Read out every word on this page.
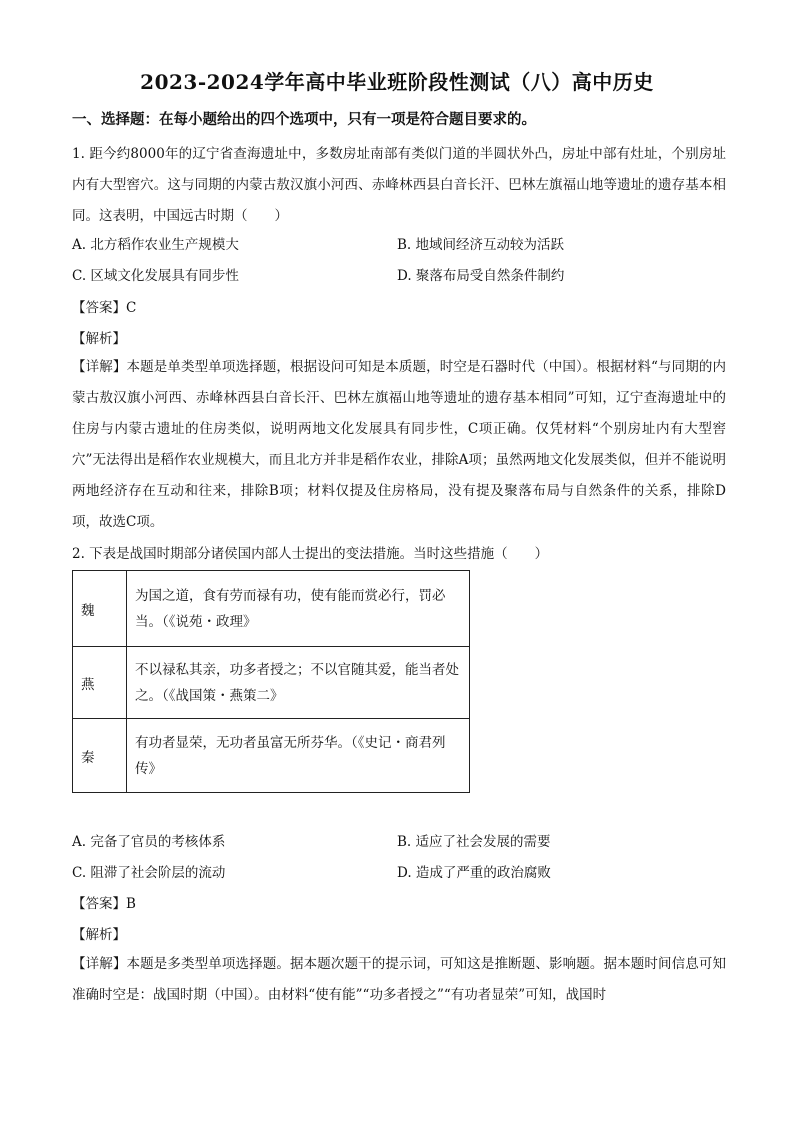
2023-2024学年高中毕业班阶段性测试（八）高中历史
一、选择题：在每小题给出的四个选项中，只有一项是符合题目要求的。

1. 距今约8000年的辽宁省查海遗址中，多数房址南部有类似门道的半圆状外凸，房址中部有灶址，个别房址内有大型窖穴。这与同期的内蒙古敖汉旗小河西、赤峰林西县白音长汗、巴林左旗福山地等遗址的遗存基本相同。这表明，中国远古时期（　　）

A. 北方稻作农业生产规模大	B. 地域间经济互动较为活跃
C. 区域文化发展具有同步性	D. 聚落布局受自然条件制约
【答案】C
【解析】

【详解】本题是单类型单项选择题，根据设问可知是本质题，时空是石器时代（中国）。根据材料“与同期的内蒙古敖汉旗小河西、赤峰林西县白音长汗、巴林左旗福山地等遗址的遗存基本相同”可知，辽宁查海遗址中的住房与内蒙古遗址的住房类似，说明两地文化发展具有同步性，C项正确。仅凭材料“个别房址内有大型窖穴”无法得出是稻作农业规模大，而且北方并非是稻作农业，排除A项；虽然两地文化发展类似，但并不能说明两地经济存在互动和往来，排除B项；材料仅提及住房格局，没有提及聚落布局与自然条件的关系，排除D项，故选C项。

2. 下表是战国时期部分诸侯国内部人士提出的变法措施。当时这些措施（　　）

魏	为国之道，食有劳而禄有功，使有能而赏必行，罚必当。（《说苑・政理》
燕	不以禄私其亲，功多者授之；不以官随其爱，能当者处之。（《战国策・燕策二》
秦	有功者显荣，无功者虽富无所芬华。（《史记・商君列传》
A. 完备了官员的考核体系	B. 适应了社会发展的需要
C. 阻滞了社会阶层的流动	D. 造成了严重的政治腐败
【答案】B
【解析】

【详解】本题是多类型单项选择题。据本题次题干的提示词，可知这是推断题、影响题。据本题时间信息可知准确时空是：战国时期（中国）。由材料“使有能”“功多者授之”“有功者显荣”可知，战国时
